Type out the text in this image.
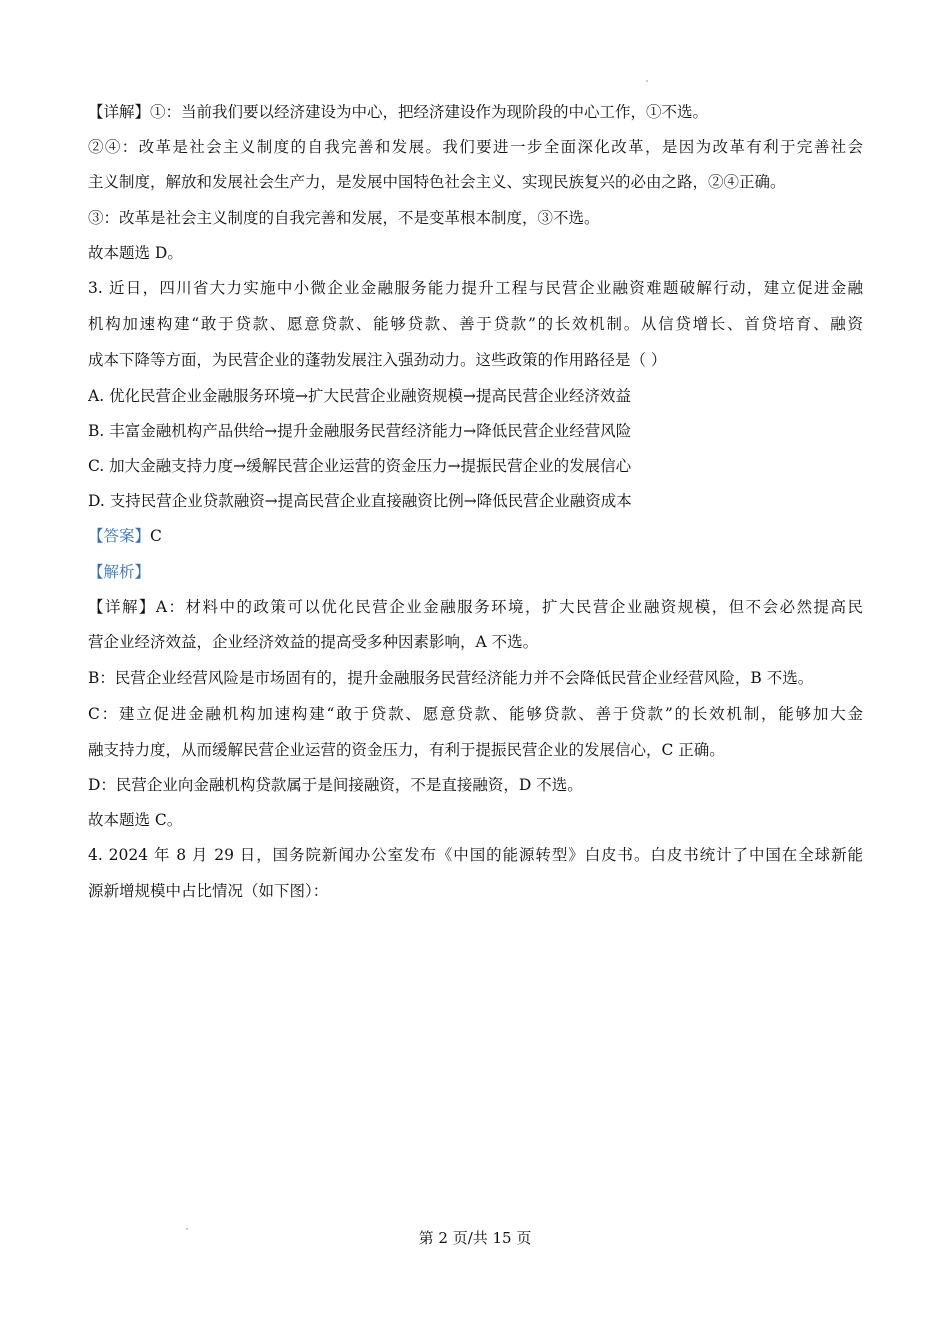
【详解】①：当前我们要以经济建设为中心，把经济建设作为现阶段的中心工作，①不选。
②④：改革是社会主义制度的自我完善和发展。我们要进一步全面深化改革，是因为改革有利于完善社会
主义制度，解放和发展社会生产力，是发展中国特色社会主义、实现民族复兴的必由之路，②④正确。
③：改革是社会主义制度的自我完善和发展，不是变革根本制度，③不选。
故本题选 D。
3. 近日，四川省大力实施中小微企业金融服务能力提升工程与民营企业融资难题破解行动，建立促进金融
机构加速构建“敢于贷款、愿意贷款、能够贷款、善于贷款”的长效机制。从信贷增长、首贷培育、融资
成本下降等方面，为民营企业的蓬勃发展注入强劲动力。这些政策的作用路径是（ ）
A. 优化民营企业金融服务环境→扩大民营企业融资规模→提高民营企业经济效益
B. 丰富金融机构产品供给→提升金融服务民营经济能力→降低民营企业经营风险
C. 加大金融支持力度→缓解民营企业运营的资金压力→提振民营企业的发展信心
D. 支持民营企业贷款融资→提高民营企业直接融资比例→降低民营企业融资成本
【答案】C
【解析】
【详解】A：材料中的政策可以优化民营企业金融服务环境，扩大民营企业融资规模，但不会必然提高民
营企业经济效益，企业经济效益的提高受多种因素影响，A 不选。
B：民营企业经营风险是市场固有的，提升金融服务民营经济能力并不会降低民营企业经营风险，B 不选。
C：建立促进金融机构加速构建“敢于贷款、愿意贷款、能够贷款、善于贷款”的长效机制，能够加大金
融支持力度，从而缓解民营企业运营的资金压力，有利于提振民营企业的发展信心，C 正确。
D：民营企业向金融机构贷款属于是间接融资，不是直接融资，D 不选。
故本题选 C。
4. 2024 年 8 月 29 日，国务院新闻办公室发布《中国的能源转型》白皮书。白皮书统计了中国在全球新能
源新增规模中占比情况（如下图）：
第 2 页/共 15 页
